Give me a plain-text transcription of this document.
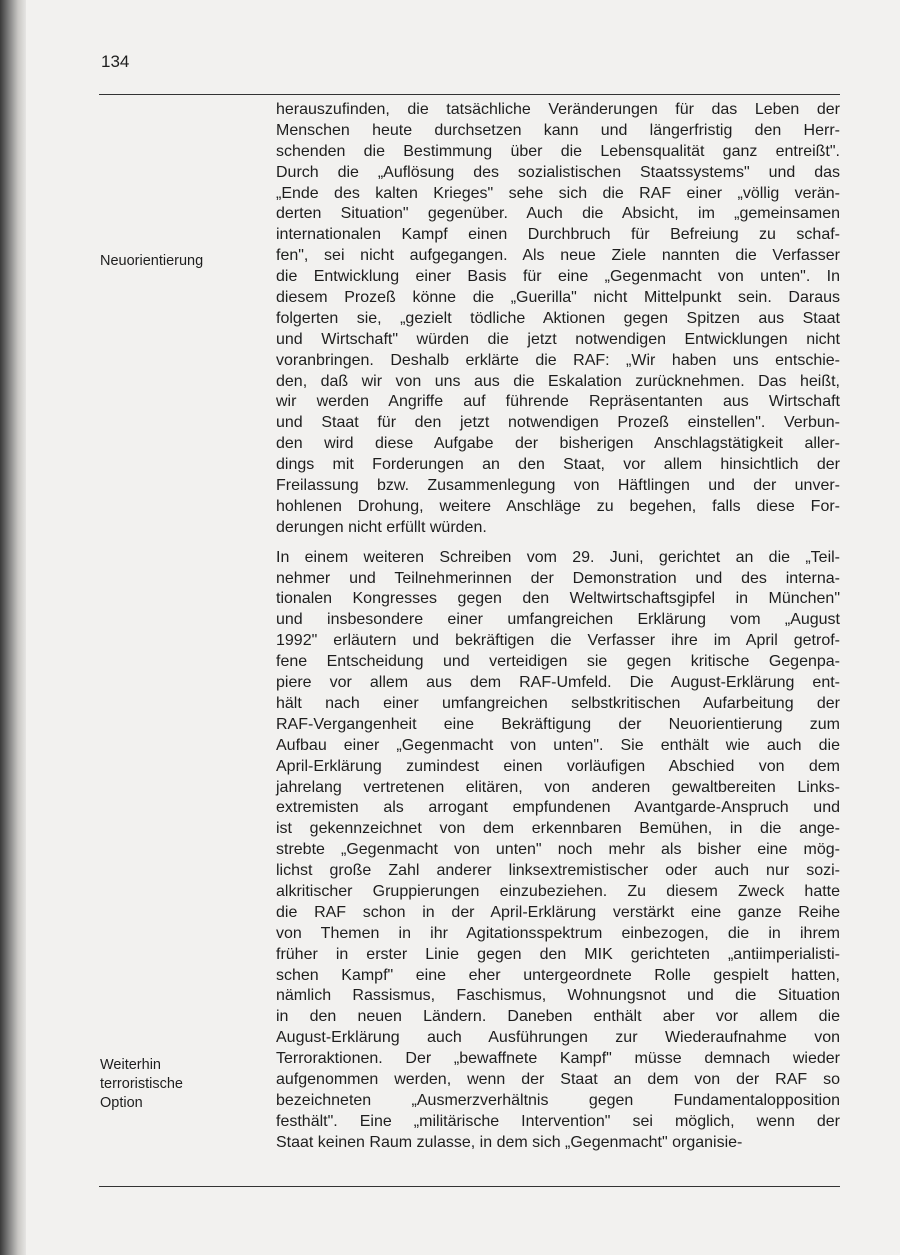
134
Neuorientierung
Weiterhin
terroristische
Option
herauszufinden, die tatsächliche Veränderungen für das Leben der
Menschen heute durchsetzen kann und längerfristig den Herr-
schenden die Bestimmung über die Lebensqualität ganz entreißt".
Durch die „Auflösung des sozialistischen Staatssystems" und das
„Ende des kalten Krieges" sehe sich die RAF einer „völlig verän-
derten Situation" gegenüber. Auch die Absicht, im „gemeinsamen
internationalen Kampf einen Durchbruch für Befreiung zu schaf-
fen", sei nicht aufgegangen. Als neue Ziele nannten die Verfasser
die Entwicklung einer Basis für eine „Gegenmacht von unten". In
diesem Prozeß könne die „Guerilla" nicht Mittelpunkt sein. Daraus
folgerten sie, „gezielt tödliche Aktionen gegen Spitzen aus Staat
und Wirtschaft" würden die jetzt notwendigen Entwicklungen nicht
voranbringen. Deshalb erklärte die RAF: „Wir haben uns entschie-
den, daß wir von uns aus die Eskalation zurücknehmen. Das heißt,
wir werden Angriffe auf führende Repräsentanten aus Wirtschaft
und Staat für den jetzt notwendigen Prozeß einstellen". Verbun-
den wird diese Aufgabe der bisherigen Anschlagstätigkeit aller-
dings mit Forderungen an den Staat, vor allem hinsichtlich der
Freilassung bzw. Zusammenlegung von Häftlingen und der unver-
hohlenen Drohung, weitere Anschläge zu begehen, falls diese For-
derungen nicht erfüllt würden.
In einem weiteren Schreiben vom 29. Juni, gerichtet an die „Teil-
nehmer und Teilnehmerinnen der Demonstration und des interna-
tionalen Kongresses gegen den Weltwirtschaftsgipfel in München"
und insbesondere einer umfangreichen Erklärung vom „August
1992" erläutern und bekräftigen die Verfasser ihre im April getrof-
fene Entscheidung und verteidigen sie gegen kritische Gegenpa-
piere vor allem aus dem RAF-Umfeld. Die August-Erklärung ent-
hält nach einer umfangreichen selbstkritischen Aufarbeitung der
RAF-Vergangenheit eine Bekräftigung der Neuorientierung zum
Aufbau einer „Gegenmacht von unten". Sie enthält wie auch die
April-Erklärung zumindest einen vorläufigen Abschied von dem
jahrelang vertretenen elitären, von anderen gewaltbereiten Links-
extremisten als arrogant empfundenen Avantgarde-Anspruch und
ist gekennzeichnet von dem erkennbaren Bemühen, in die ange-
strebte „Gegenmacht von unten" noch mehr als bisher eine mög-
lichst große Zahl anderer linksextremistischer oder auch nur sozi-
alkritischer Gruppierungen einzubeziehen. Zu diesem Zweck hatte
die RAF schon in der April-Erklärung verstärkt eine ganze Reihe
von Themen in ihr Agitationsspektrum einbezogen, die in ihrem
früher in erster Linie gegen den MIK gerichteten „antiimperialisti-
schen Kampf" eine eher untergeordnete Rolle gespielt hatten,
nämlich Rassismus, Faschismus, Wohnungsnot und die Situation
in den neuen Ländern. Daneben enthält aber vor allem die
August-Erklärung auch Ausführungen zur Wiederaufnahme von
Terroraktionen. Der „bewaffnete Kampf" müsse demnach wieder
aufgenommen werden, wenn der Staat an dem von der RAF so
bezeichneten „Ausmerzverhältnis gegen Fundamentalopposition
festhält". Eine „militärische Intervention" sei möglich, wenn der
Staat keinen Raum zulasse, in dem sich „Gegenmacht" organisie-
